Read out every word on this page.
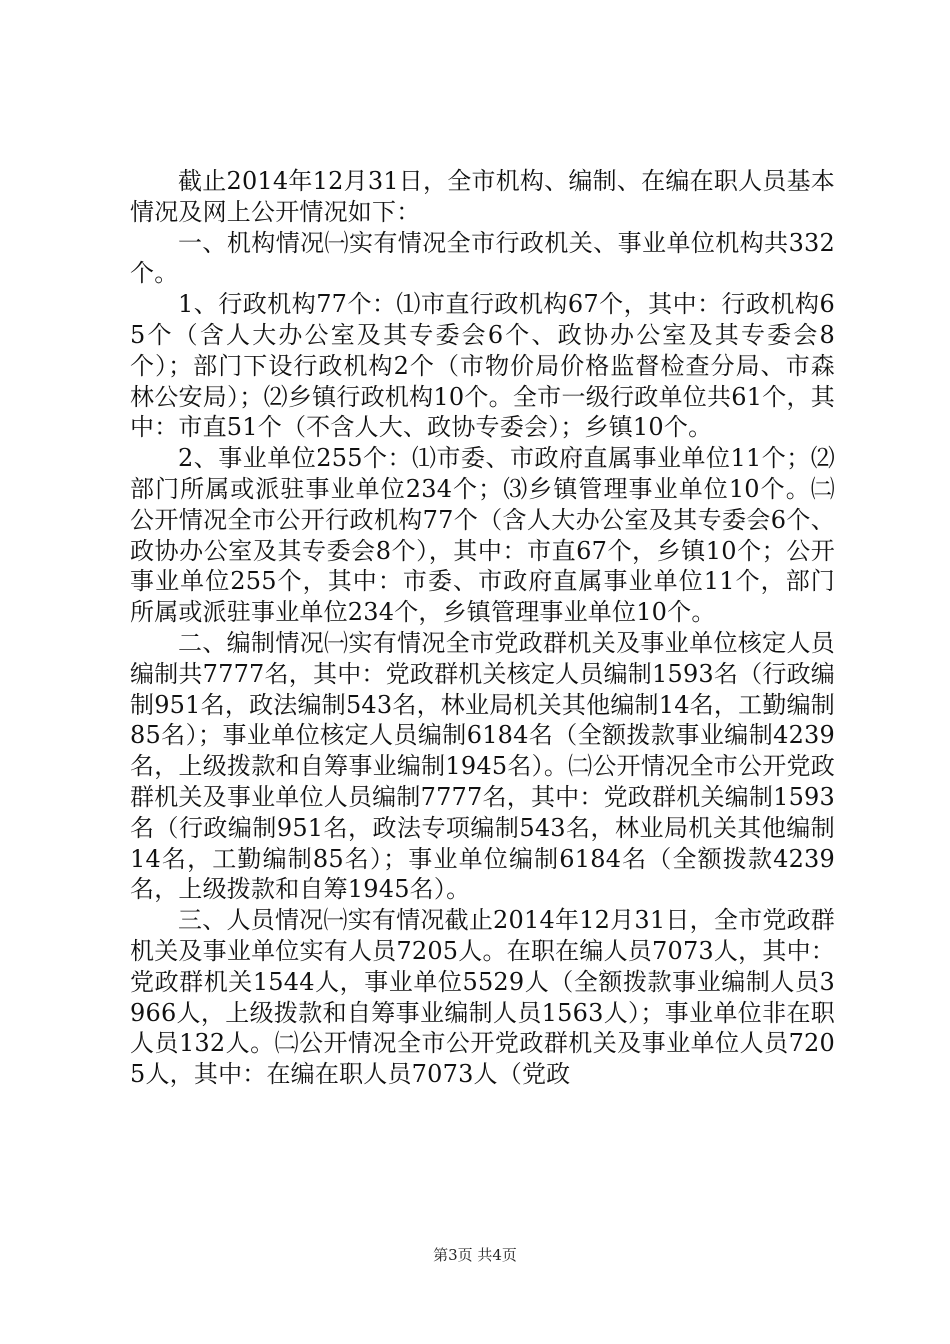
截止2014年12月31日，全市机构、编制、在编在职人员基本情况及网上公开情况如下：

一、机构情况㈠实有情况全市行政机关、事业单位机构共332个。

1、行政机构77个：⑴市直行政机构67个，其中：行政机构65个（含人大办公室及其专委会6个、政协办公室及其专委会8个）；部门下设行政机构2个（市物价局价格监督检查分局、市森林公安局）；⑵乡镇行政机构10个。全市一级行政单位共61个，其中：市直51个（不含人大、政协专委会）；乡镇10个。

2、事业单位255个：⑴市委、市政府直属事业单位11个；⑵部门所属或派驻事业单位234个；⑶乡镇管理事业单位10个。㈡公开情况全市公开行政机构77个（含人大办公室及其专委会6个、政协办公室及其专委会8个），其中：市直67个，乡镇10个；公开事业单位255个，其中：市委、市政府直属事业单位11个，部门所属或派驻事业单位234个，乡镇管理事业单位10个。

二、编制情况㈠实有情况全市党政群机关及事业单位核定人员编制共7777名，其中：党政群机关核定人员编制1593名（行政编制951名，政法编制543名，林业局机关其他编制14名，工勤编制85名）；事业单位核定人员编制6184名（全额拨款事业编制4239名，上级拨款和自筹事业编制1945名）。㈡公开情况全市公开党政群机关及事业单位人员编制7777名，其中：党政群机关编制1593名（行政编制951名，政法专项编制543名，林业局机关其他编制14名，工勤编制85名）；事业单位编制6184名（全额拨款4239名，上级拨款和自筹1945名）。

三、人员情况㈠实有情况截止2014年12月31日，全市党政群机关及事业单位实有人员7205人。在职在编人员7073人，其中：党政群机关1544人，事业单位5529人（全额拨款事业编制人员3966人，上级拨款和自筹事业编制人员1563人）；事业单位非在职人员132人。㈡公开情况全市公开党政群机关及事业单位人员7205人，其中：在编在职人员7073人（党政

第3页 共4页
